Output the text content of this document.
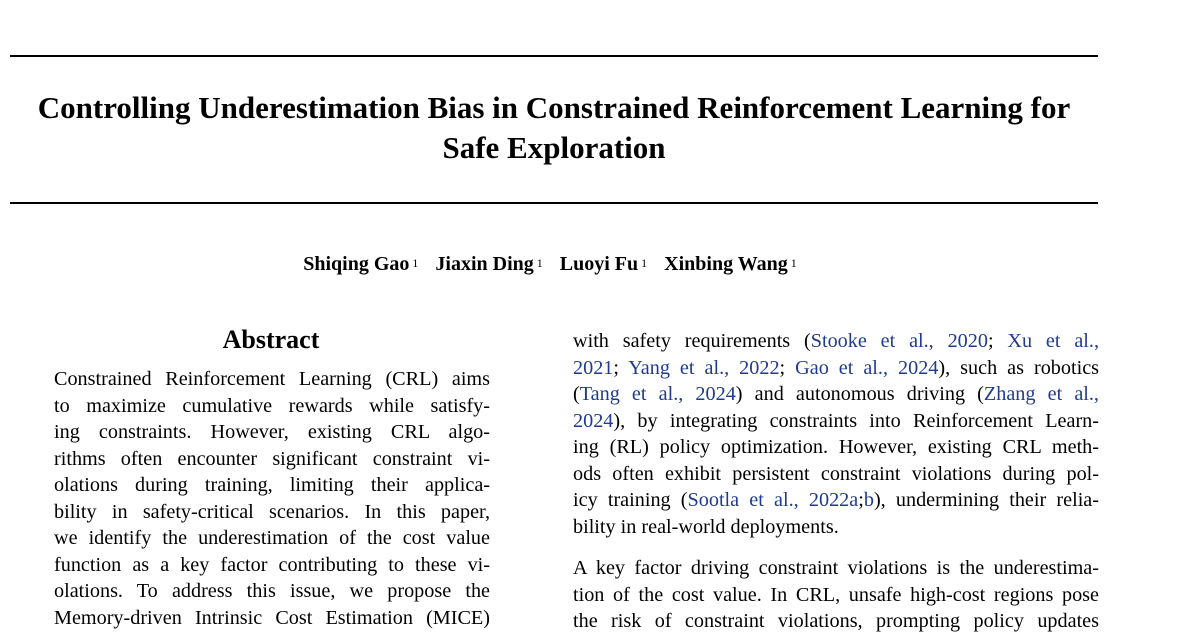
Controlling Underestimation Bias in Constrained Reinforcement Learning for
Safe Exploration
Shiqing Gao $^1$ Jiaxin Ding $^1$ Luoyi Fu $^1$ Xinbing Wang $^1$
Abstract
Constrained Reinforcement Learning (CRL) aims
to maximize cumulative rewards while satisfy-
ing constraints. However, existing CRL algo-
rithms often encounter significant constraint vi-
olations during training, limiting their applica-
bility in safety-critical scenarios. In this paper,
we identify the underestimation of the cost value
function as a key factor contributing to these vi-
olations. To address this issue, we propose the
Memory-driven Intrinsic Cost Estimation (MICE)
with safety requirements (Stooke et al., 2020; Xu et al.,
2021; Yang et al., 2022; Gao et al., 2024), such as robotics
(Tang et al., 2024) and autonomous driving (Zhang et al.,
2024), by integrating constraints into Reinforcement Learn-
ing (RL) policy optimization. However, existing CRL meth-
ods often exhibit persistent constraint violations during pol-
icy training (Sootla et al., 2022a;b), undermining their relia-
bility in real-world deployments.
A key factor driving constraint violations is the underestima-
tion of the cost value. In CRL, unsafe high-cost regions pose
the risk of constraint violations, prompting policy updates
